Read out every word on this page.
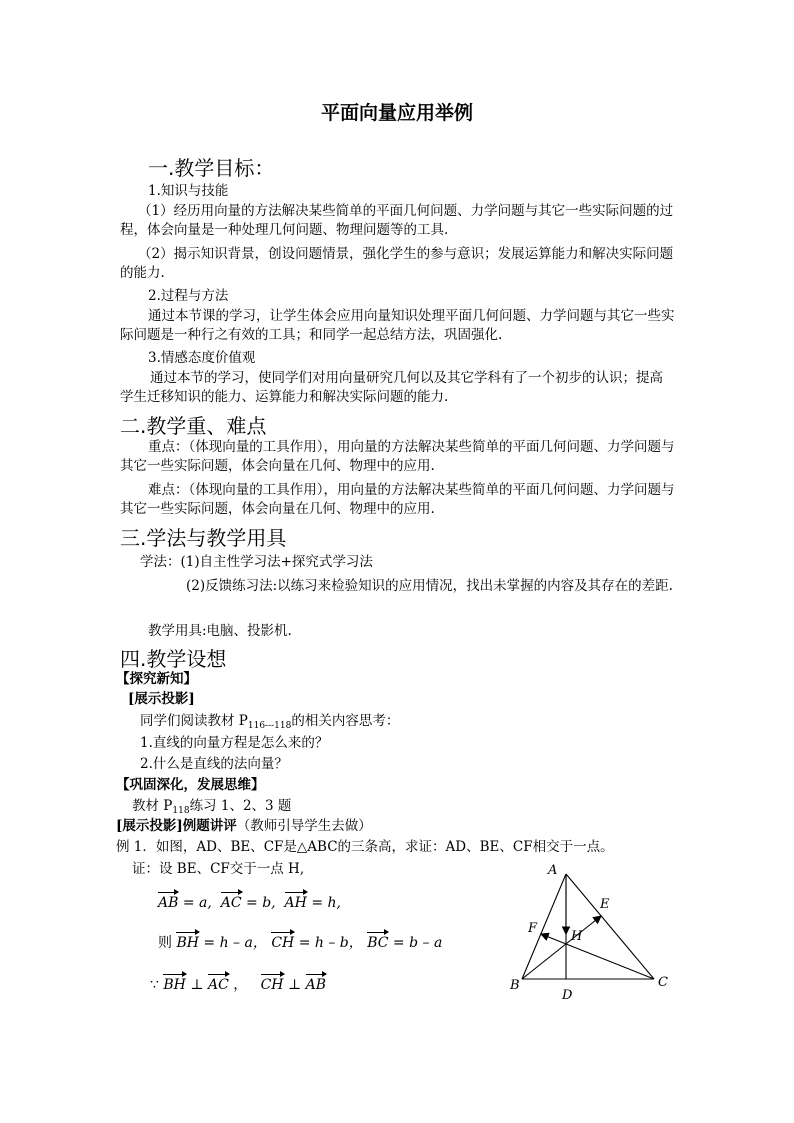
平面向量应用举例
一.教学目标：
1.知识与技能
（1）经历用向量的方法解决某些简单的平面几何问题、力学问题与其它一些实际问题的过程，体会向量是一种处理几何问题、物理问题等的工具.
（2）揭示知识背景，创设问题情景，强化学生的参与意识；发展运算能力和解决实际问题的能力.
2.过程与方法
通过本节课的学习，让学生体会应用向量知识处理平面几何问题、力学问题与其它一些实际问题是一种行之有效的工具；和同学一起总结方法，巩固强化.
3.情感态度价值观
通过本节的学习，使同学们对用向量研究几何以及其它学科有了一个初步的认识；提高学生迁移知识的能力、运算能力和解决实际问题的能力.
二.教学重、难点
重点：（体现向量的工具作用），用向量的方法解决某些简单的平面几何问题、力学问题与其它一些实际问题，体会向量在几何、物理中的应用.
难点：（体现向量的工具作用），用向量的方法解决某些简单的平面几何问题、力学问题与其它一些实际问题，体会向量在几何、物理中的应用.
三.学法与教学用具
学法：(1)自主性学习法+探究式学习法
(2)反馈练习法:以练习来检验知识的应用情况，找出未掌握的内容及其存在的差距.
教学用具:电脑、投影机.
四.教学设想
【探究新知】
[展示投影]
同学们阅读教材 $P_{116---118}$的相关内容思考：
1.直线的向量方程是怎么来的？
2.什么是直线的法向量？
【巩固深化，发展思维】
教材 $P_{118}$练习 1、2、3 题
[展示投影]例题讲评（教师引导学生去做）
例 1．如图，AD、BE、CF是△ABC的三条高，求证：AD、BE、CF相交于一点。
证：设 BE、CF交于一点 H,
AB = a, AC = b, AH = h,
则 BH = h – a， CH = h – b， BC = b – a
∵ BH ⊥ AC ， CH ⊥ AB
A
E
F
H
B
D
C
